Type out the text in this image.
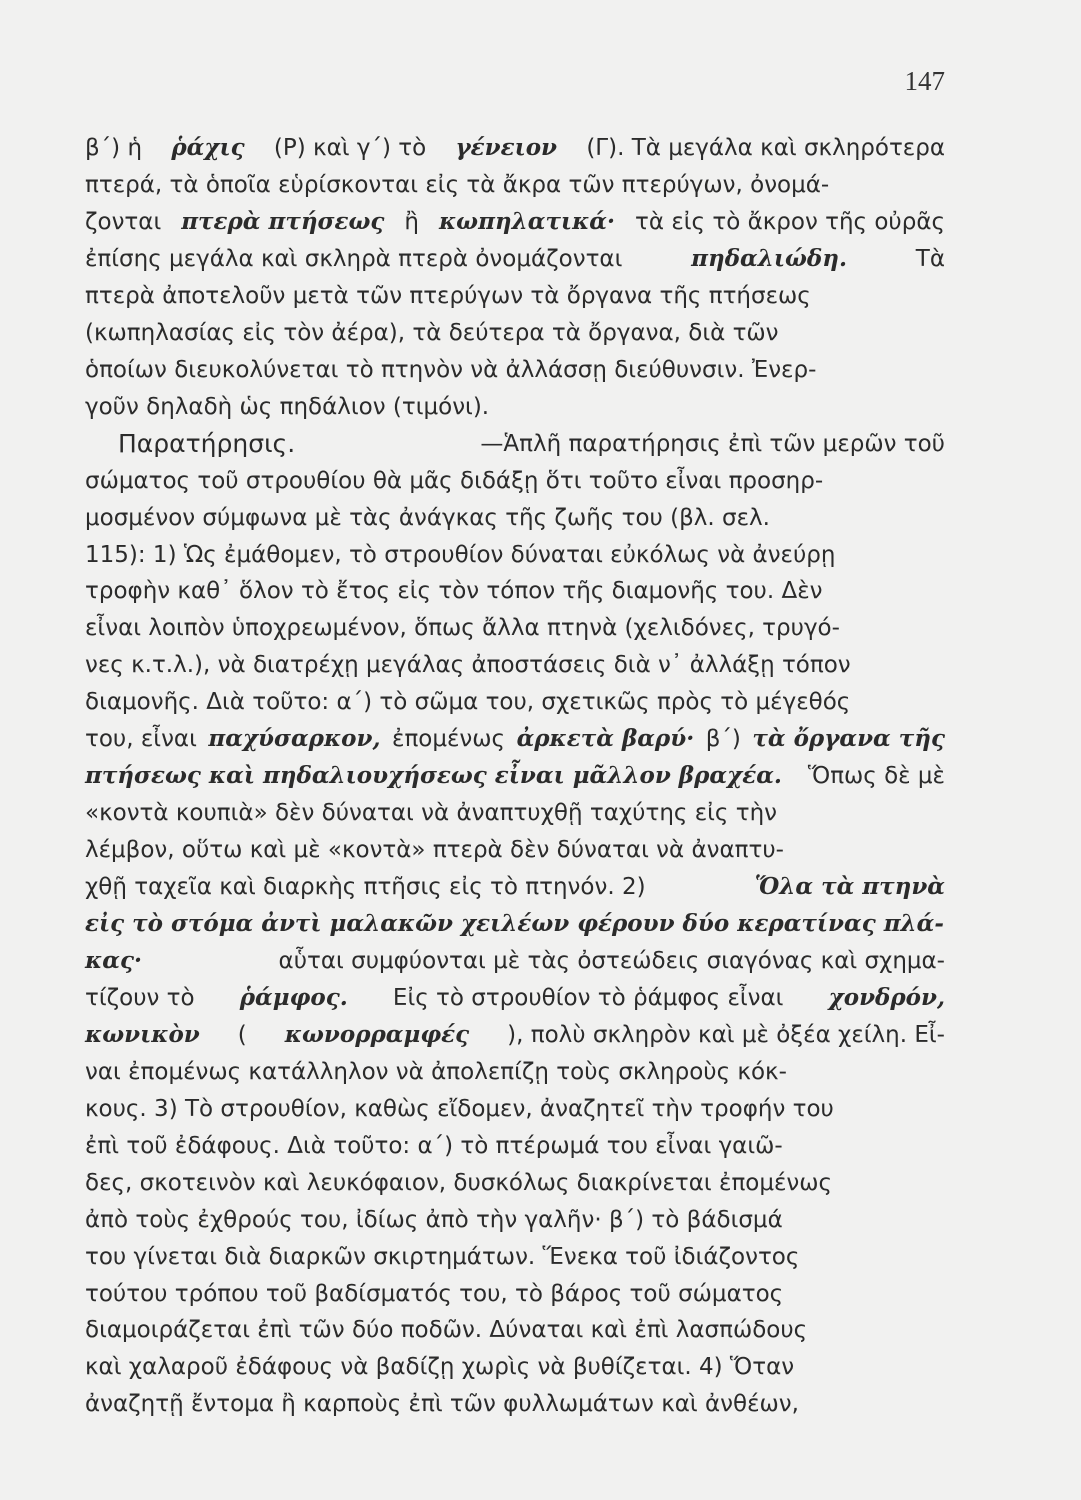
147
β΄) ἡ ῥάχις (Ρ) καὶ γ΄) τὸ γένειον (Γ). Τὰ μεγάλα καὶ σκληρότερα
πτερά, τὰ ὁποῖα εὑρίσκονται εἰς τὰ ἄκρα τῶν πτερύγων, ὀνομά-
ζονται πτερὰ πτήσεως ἢ κωπηλατικά· τὰ εἰς τὸ ἄκρον τῆς οὐρᾶς
ἐπίσης μεγάλα καὶ σκληρὰ πτερὰ ὀνομάζονται	πηδαλιώδη.	Τὰ
πτερὰ ἀποτελοῦν μετὰ τῶν πτερύγων τὰ ὄργανα τῆς πτήσεως
(κωπηλασίας εἰς τὸν ἀέρα), τὰ δεύτερα τὰ ὄργανα, διὰ τῶν
ὁποίων διευκολύνεται τὸ πτηνὸν νὰ ἀλλάσσῃ διεύθυνσιν. Ἐνερ-
γοῦν δηλαδὴ ὡς πηδάλιον (τιμόνι).
Παρατήρησις.	—Ἁπλῆ παρατήρησις ἐπὶ τῶν μερῶν τοῦ
σώματος τοῦ στρουθίου θὰ μᾶς διδάξῃ ὅτι τοῦτο εἶναι προσηρ-
μοσμένον σύμφωνα μὲ τὰς ἀνάγκας τῆς ζωῆς του (βλ. σελ.
115): 1) Ὡς ἐμάθομεν, τὸ στρουθίον δύναται εὐκόλως νὰ ἀνεύρῃ
τροφὴν καθ᾽ ὅλον τὸ ἔτος εἰς τὸν τόπον τῆς διαμονῆς του. Δὲν
εἶναι λοιπὸν ὑποχρεωμένον, ὅπως ἄλλα πτηνὰ (χελιδόνες, τρυγό-
νες κ.τ.λ.), νὰ διατρέχῃ μεγάλας ἀποστάσεις διὰ ν᾽ ἀλλάξῃ τόπον
διαμονῆς. Διὰ τοῦτο: α΄) τὸ σῶμα του, σχετικῶς πρὸς τὸ μέγεθός
του, εἶναι παχύσαρκον, ἐπομένως ἀρκετὰ βαρύ· β΄) τὰ ὄργανα τῆς
πτήσεως καὶ πηδαλιουχήσεως εἶναι μᾶλλον βραχέα. Ὅπως δὲ μὲ
«κοντὰ κουπιὰ» δὲν δύναται νὰ ἀναπτυχθῇ ταχύτης εἰς τὴν
λέμβον, οὕτω καὶ μὲ «κοντὰ» πτερὰ δὲν δύναται νὰ ἀναπτυ-
χθῇ ταχεῖα καὶ διαρκὴς πτῆσις εἰς τὸ πτηνόν. 2)	Ὅλα τὰ πτηνὰ
εἰς τὸ στόμα ἀντὶ μαλακῶν χειλέων φέρουν δύο κερατίνας πλά-
κας·	αὗται συμφύονται μὲ τὰς ὀστεώδεις σιαγόνας καὶ σχημα-
τίζουν τὸ ῥάμφος. Εἰς τὸ στρουθίον τὸ ῥάμφος εἶναι χονδρόν,
κωνικὸν ( κωνορραμφές ), πολὺ σκληρὸν καὶ μὲ ὀξέα χείλη. Εἶ-
ναι ἐπομένως κατάλληλον νὰ ἀπολεπίζῃ τοὺς σκληροὺς κόκ-
κους. 3) Τὸ στρουθίον, καθὼς εἴδομεν, ἀναζητεῖ τὴν τροφήν του
ἐπὶ τοῦ ἐδάφους. Διὰ τοῦτο: α΄) τὸ πτέρωμά του εἶναι γαιῶ-
δες, σκοτεινὸν καὶ λευκόφαιον, δυσκόλως διακρίνεται ἐπομένως
ἀπὸ τοὺς ἐχθρούς του, ἰδίως ἀπὸ τὴν γαλῆν· β΄) τὸ βάδισμά
του γίνεται διὰ διαρκῶν σκιρτημάτων. Ἕνεκα τοῦ ἰδιάζοντος
τούτου τρόπου τοῦ βαδίσματός του, τὸ βάρος τοῦ σώματος
διαμοιράζεται ἐπὶ τῶν δύο ποδῶν. Δύναται καὶ ἐπὶ λασπώδους
καὶ χαλαροῦ ἐδάφους νὰ βαδίζῃ χωρὶς νὰ βυθίζεται. 4) Ὅταν
ἀναζητῇ ἔντομα ἢ καρποὺς ἐπὶ τῶν φυλλωμάτων καὶ ἀνθέων,
